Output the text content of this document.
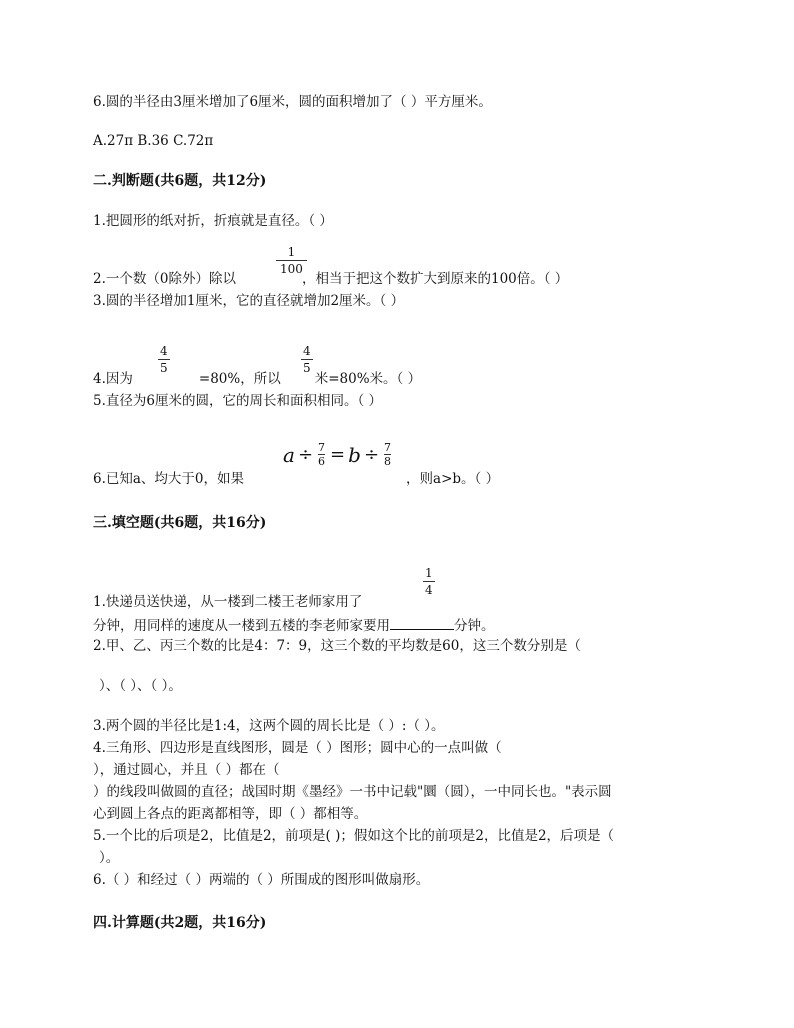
6.圆的半径由3厘米增加了6厘米，圆的面积增加了（ ）平方厘米。
A.27π B.36 C.72π
二.判断题(共6题，共12分)
1.把圆形的纸对折，折痕就是直径。（ ）
2.一个数（0除外）除以	，相当于把这个数扩大到原来的100倍。（ ）
$\frac{1}{100}$
3.圆的半径增加1厘米，它的直径就增加2厘米。（ ）
4.因为	=80%，所以	米=80%米。（ ）
$\frac{4}{5}$	$\frac{4}{5}$
5.直径为6厘米的圆，它的周长和面积相同。（ ）
6.已知a、均大于0，如果	，则a>b。（ ）
$a \div \frac{7}{6} = b \div \frac{7}{8}$
三.填空题(共6题，共16分)
1.快递员送快递，从一楼到二楼王老师家用了
$\frac{1}{4}$
分钟，用同样的速度从一楼到五楼的李老师家要用	分钟。
2.甲、乙、丙三个数的比是4：7：9，这三个数的平均数是60，这三个数分别是（
）、（ ）、（ ）。
3.两个圆的半径比是1:4，这两个圆的周长比是（ ）:（ ）。
4.三角形、四边形是直线图形，圆是（ ）图形；圆中心的一点叫做（
），通过圆心，并且（ ）都在（
）的线段叫做圆的直径；战国时期《墨经》一书中记载"圜（圆），一中同长也。"表示圆
心到圆上各点的距离都相等，即（ ）都相等。
5.一个比的后项是2，比值是2，前项是( )；假如这个比的前项是2，比值是2，后项是（
）。
6.（ ）和经过（ ）两端的（ ）所围成的图形叫做扇形。
四.计算题(共2题，共16分)
